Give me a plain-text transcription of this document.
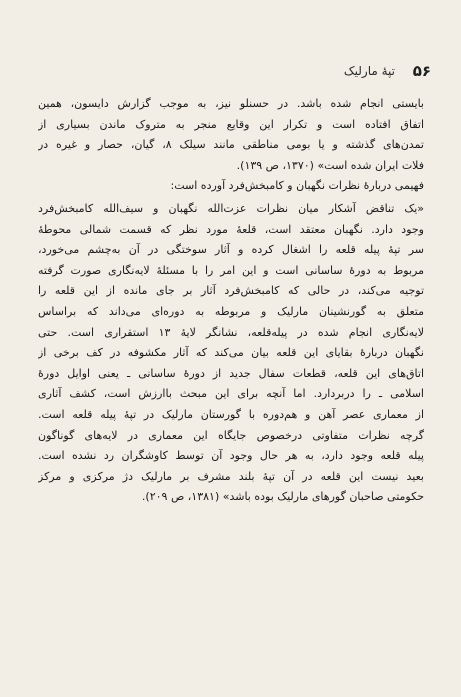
۵۶
تپهٔ مارلیک
بایستی انجام شده باشد. در حسنلو نیز، به موجب گزارش دایسون، همین
اتفاق افتاده است و تکرار این وقایع منجر به متروک ماندن بسیاری از
تمدن‌های گذشته و یا بومی مناطقی مانند سیلک ۸، گیان، حصار و غیره در
فلات ایران شده است» (۱۳۷۰، ص ۱۳۹).
فهیمی دربارهٔ نظرات نگهبان و کامبخش‌فرد آورده است:
«یک تناقض آشکار میان نظرات عزت‌الله نگهبان و سیف‌الله کامبخش‌فرد
وجود دارد. نگهبان معتقد است، قلعهٔ مورد نظر که قسمت شمالی محوطهٔ
سر تپهٔ پیله قلعه را اشغال کرده و آثار سوختگی در آن به‌چشم می‌خورد،
مربوط به دورهٔ ساسانی است و این امر را با مسئلهٔ لایه‌نگاری صورت گرفته
توجیه می‌کند، در حالی که کامبخش‌فرد آثار بر جای مانده از این قلعه را
متعلق به گورنشینان مارلیک و مربوطه به دوره‌ای می‌داند که براساس
لایه‌نگاری انجام شده در پیله‌قلعه، نشانگر لایهٔ ۱۳ استقراری است. حتی
نگهبان دربارهٔ بقایای این قلعه بیان می‌کند که آثار مکشوفه در کف برخی از
اتاق‌های این قلعه، قطعات سفال جدید از دورهٔ ساسانی ـ یعنی اوایل دورهٔ
اسلامی ـ را دربردارد. اما آنچه برای این مبحث باارزش است، کشف آثاری
از معماری عصر آهن و هم‌دوره با گورستان مارلیک در تپهٔ پیله قلعه است.
گرچه نظرات متفاوتی درخصوص جایگاه این معماری در لایه‌های گوناگون
پیله قلعه وجود دارد، به هر حال وجود آن توسط کاوشگران رد نشده است.
بعید نیست این قلعه در آن تپهٔ بلند مشرف بر مارلیک دژ مرکزی و مرکز
حکومتی صاحبان گورهای مارلیک بوده باشد» (۱۳۸۱، ص ۲۰۹).
